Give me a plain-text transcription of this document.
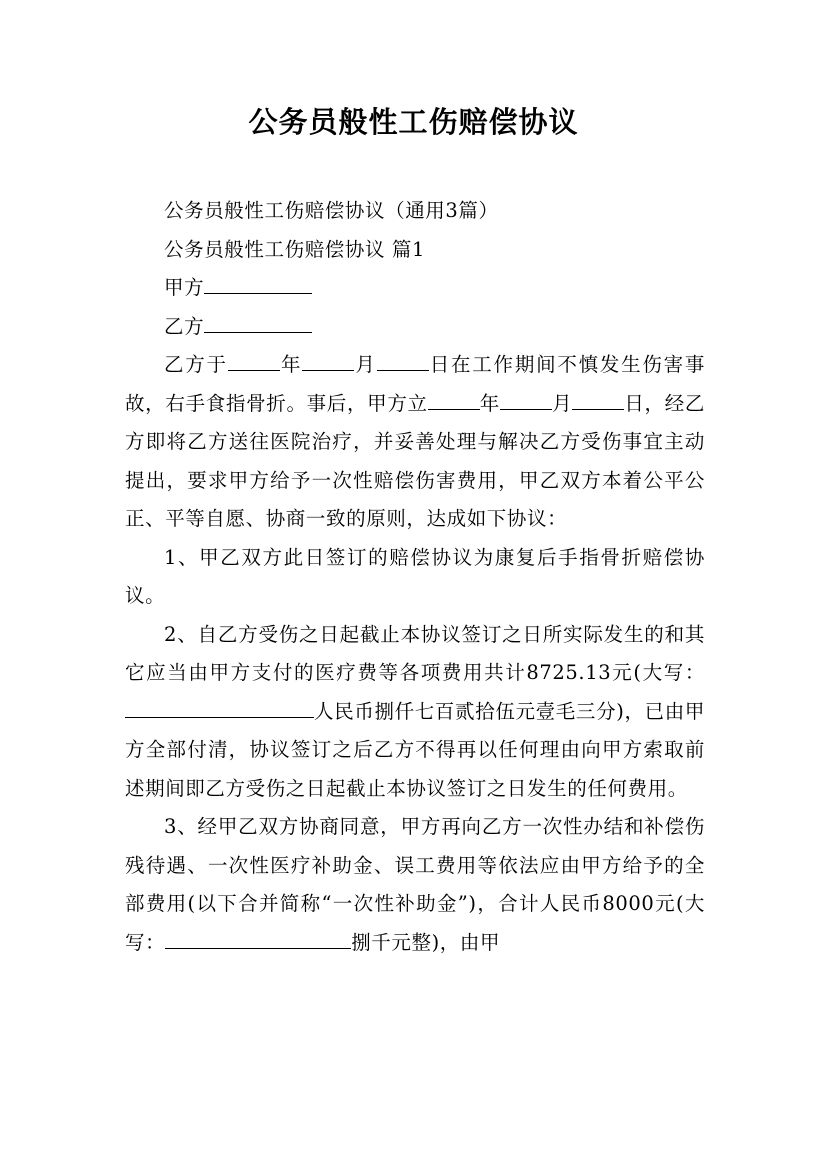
公务员般性工伤赔偿协议

公务员般性工伤赔偿协议（通用3篇）

公务员般性工伤赔偿协议 篇1

甲方

乙方

乙方于	年	月	日在工作期间不慎发生伤害事故，右手食指骨折。事后，甲方立	年	月	日，经乙方即将乙方送往医院治疗，并妥善处理与解决乙方受伤事宜主动提出，要求甲方给予一次性赔偿伤害费用，甲乙双方本着公平公正、平等自愿、协商一致的原则，达成如下协议：

1、甲乙双方此日签订的赔偿协议为康复后手指骨折赔偿协议。

2、自乙方受伤之日起截止本协议签订之日所实际发生的和其它应当由甲方支付的医疗费等各项费用共计8725.13元(大写：人民币捌仟七百贰拾伍元壹毛三分)，已由甲方全部付清，协议签订之后乙方不得再以任何理由向甲方索取前述期间即乙方受伤之日起截止本协议签订之日发生的任何费用。

3、经甲乙双方协商同意，甲方再向乙方一次性办结和补偿伤残待遇、一次性医疗补助金、误工费用等依法应由甲方给予的全部费用(以下合并简称“一次性补助金”)，合计人民币8000元(大写：	捌千元整)，由甲
